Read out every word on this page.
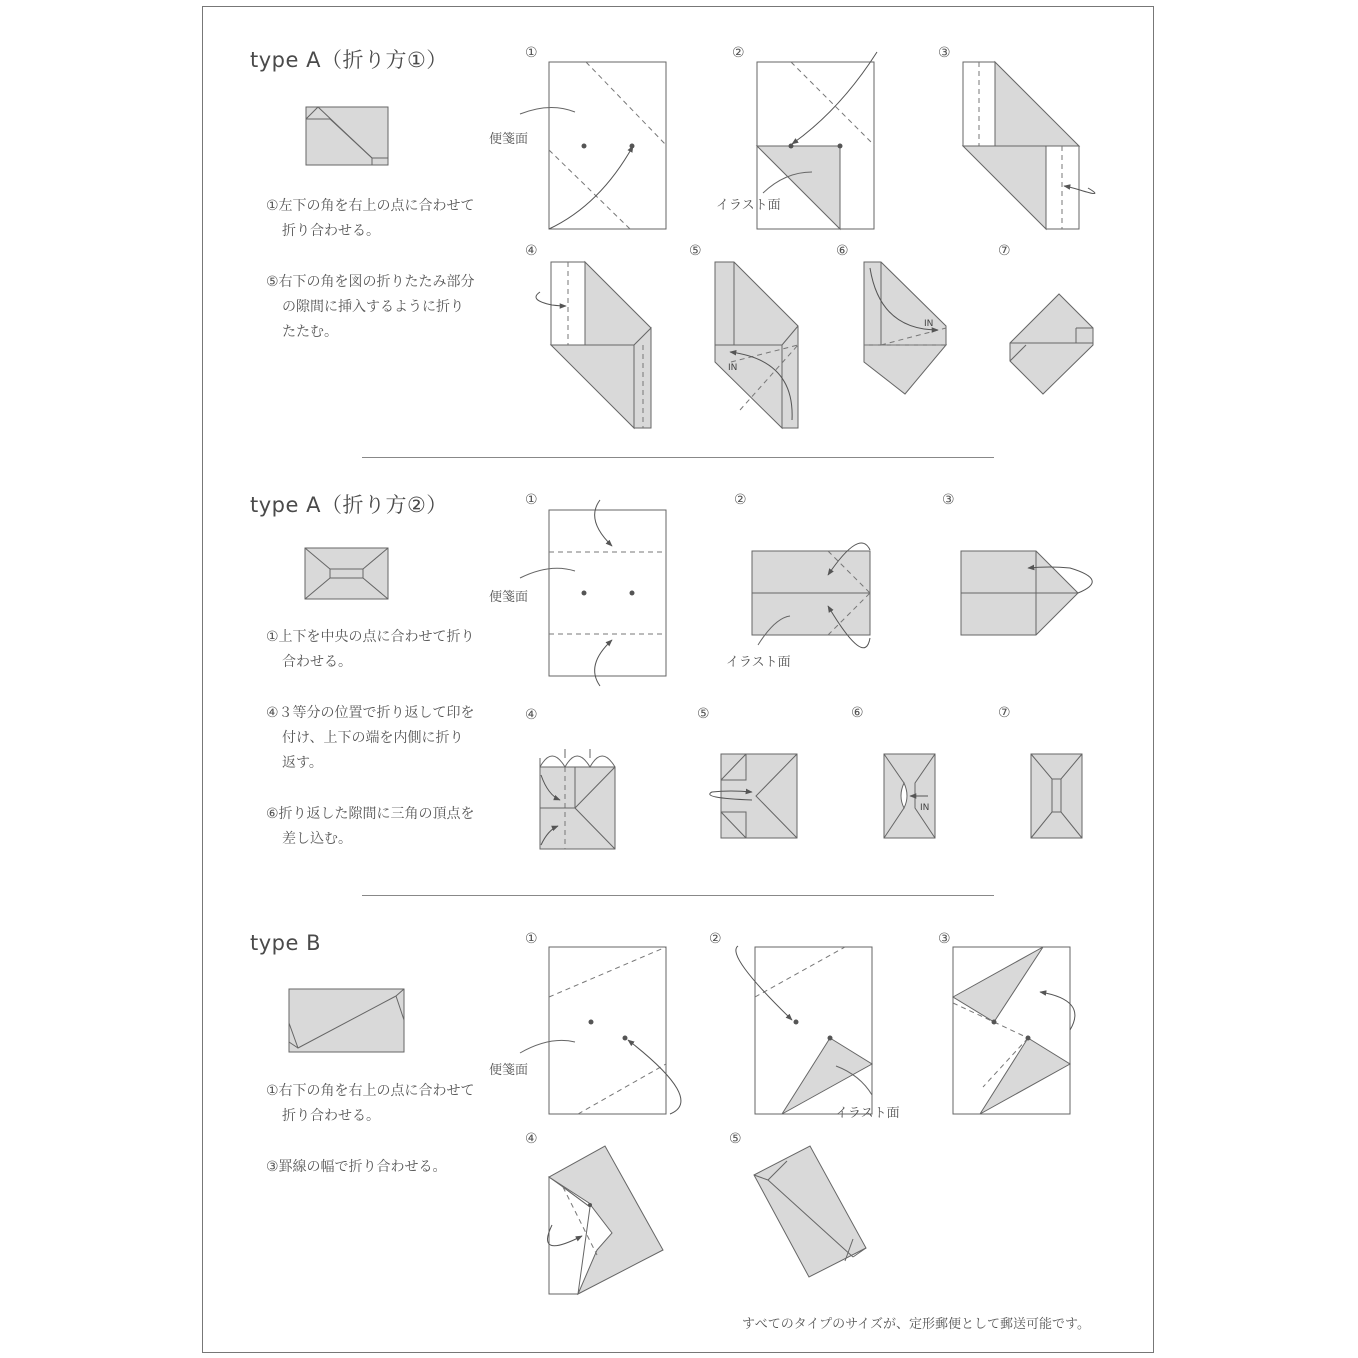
IN
IN
IN
type A（折り方①）

①左下の角を右上の点に合わせて折り合わせる。

⑤右下の角を図の折りたたみ部分の隙間に挿入するように折りたたむ。

①	②	③
④	⑤	⑥	⑦
便箋面
イラスト面
type A（折り方②）

①上下を中央の点に合わせて折り合わせる。

④３等分の位置で折り返して印を付け、上下の端を内側に折り返す。

⑥折り返した隙間に三角の頂点を差し込む。

①	②	③
④	⑤	⑥	⑦
便箋面
イラスト面
type B

①右下の角を右上の点に合わせて折り合わせる。

③罫線の幅で折り合わせる。

①	②	③
④	⑤
便箋面
イラスト面
すべてのタイプのサイズが、定形郵便として郵送可能です。
